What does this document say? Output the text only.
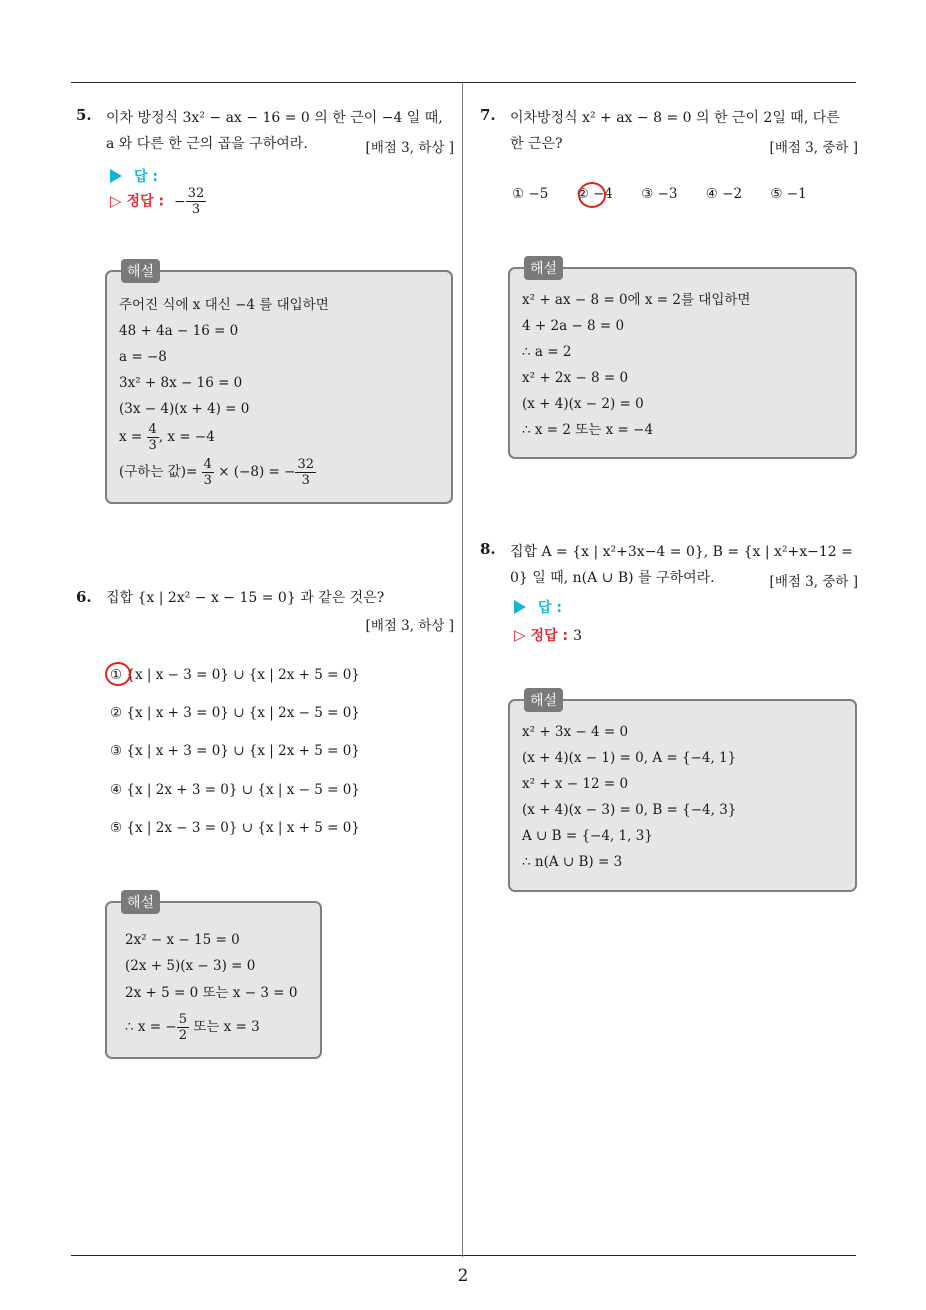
2
5. 이차 방정식 3x² − ax − 16 = 0 의 한 근이 −4 일 때,
a 와 다른 한 근의 곱을 구하여라.	[배점 3, 하상 ]
답 :
▷ 정답 : − $\frac{32}{3}$
해설
주어진 식에 x 대신 −4 를 대입하면
48 + 4a − 16 = 0
a = −8
3x² + 8x − 16 = 0
(3x − 4)(x + 4) = 0
$x = \frac{4}{3}$ , x = −4
(구하는 값)= $\frac{4}{3} \times (-8)$ = − $\frac{32}{3}$
6. 집합 {x | 2x² − x − 15 = 0} 과 같은 것은?
[배점 3, 하상 ]
① {x | x − 3 = 0} ∪ {x | 2x + 5 = 0}
② {x | x + 3 = 0} ∪ {x | 2x − 5 = 0}
③ {x | x + 3 = 0} ∪ {x | 2x + 5 = 0}
④ {x | 2x + 3 = 0} ∪ {x | x − 5 = 0}
⑤ {x | 2x − 3 = 0} ∪ {x | x + 5 = 0}
해설
2x² − x − 15 = 0
(2x + 5)(x − 3) = 0
2x + 5 = 0 또는 x − 3 = 0
∴ x = − $\frac{5}{2}$ 또는 x = 3
7. 이차방정식 x² + ax − 8 = 0 의 한 근이 2일 때, 다른
한 근은?	[배점 3, 중하 ]
① −5 ② −4 ③ −3 ④ −2 ⑤ −1
해설
x² + ax − 8 = 0에 x = 2를 대입하면
4 + 2a − 8 = 0
∴ a = 2
x² + 2x − 8 = 0
(x + 4)(x − 2) = 0
∴ x = 2 또는 x = −4
8. 집합 A = {x | x²+3x−4 = 0}, B = {x | x²+x−12 =
0} 일 때, n(A ∪ B) 를 구하여라.	[배점 3, 중하 ]
답 :
▷ 정답 : 3
해설
x² + 3x − 4 = 0
(x + 4)(x − 1) = 0, A = {−4, 1}
x² + x − 12 = 0
(x + 4)(x − 3) = 0, B = {−4, 3}
A ∪ B = {−4, 1, 3}
∴ n(A ∪ B) = 3
